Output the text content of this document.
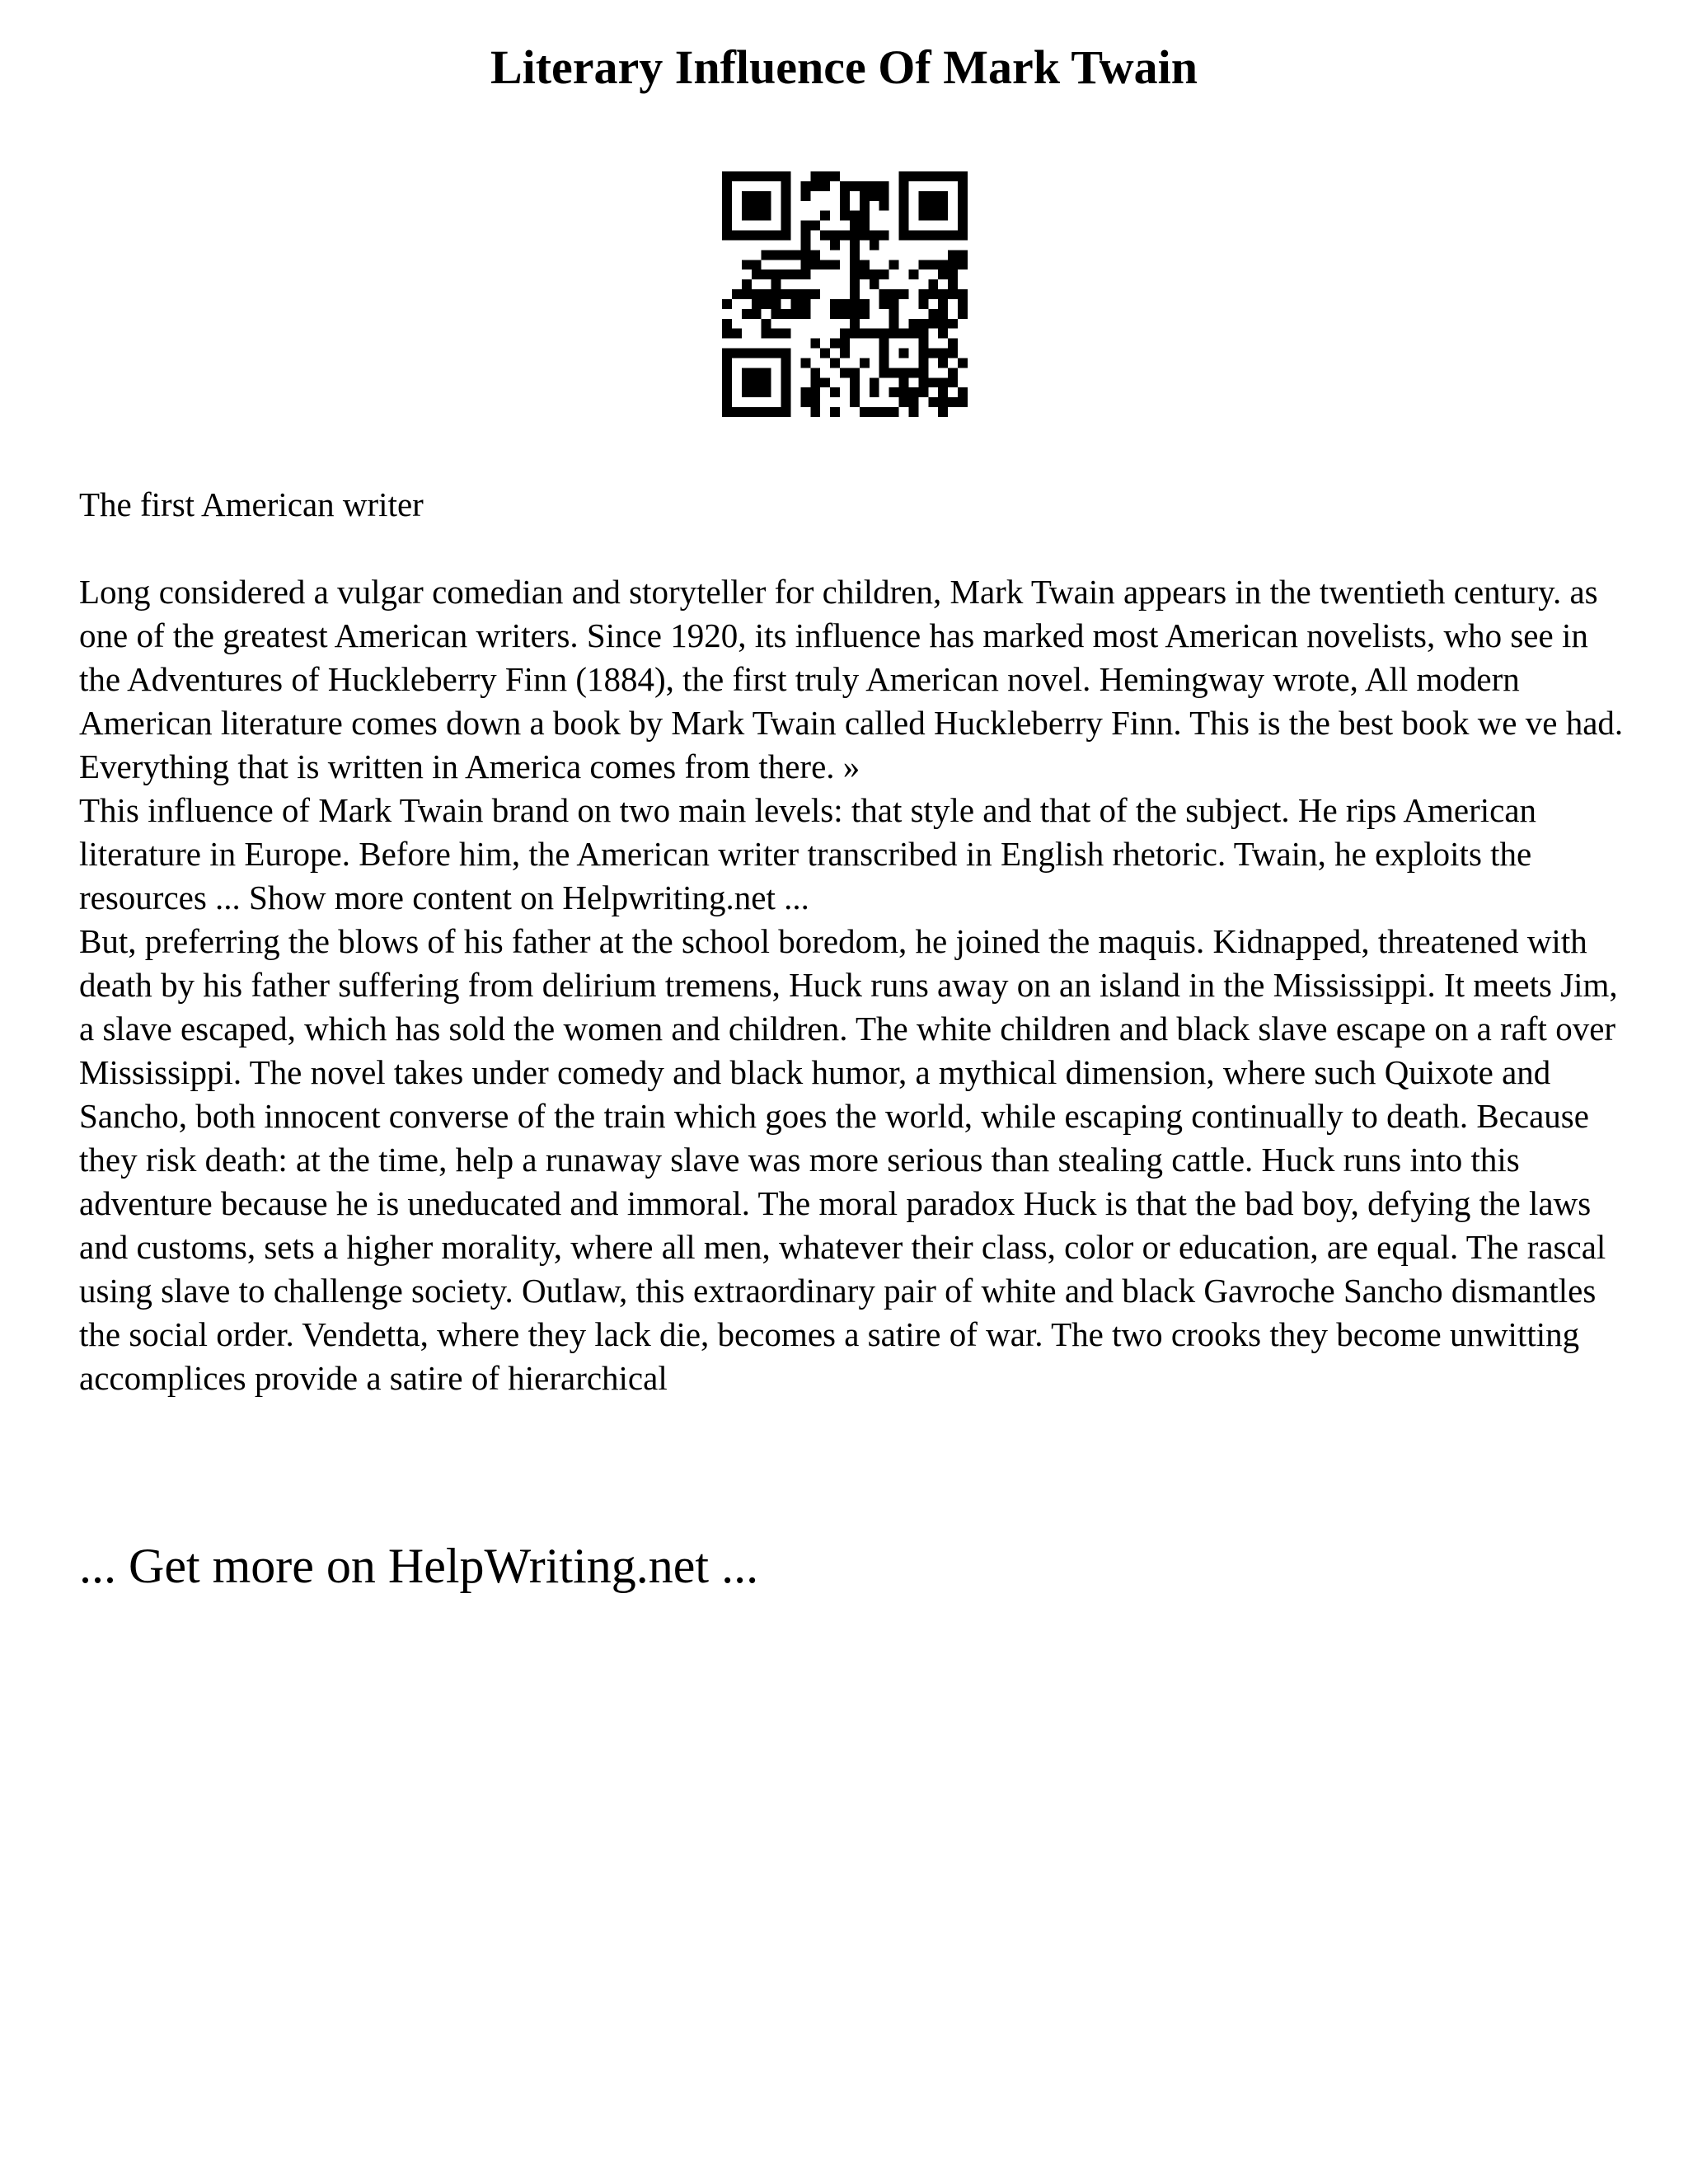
Literary Influence Of Mark Twain

The first American writer

Long considered a vulgar comedian and storyteller for children, Mark Twain appears in the twentieth century. as one of the greatest American writers. Since 1920, its influence has marked most American novelists, who see in the Adventures of Huckleberry Finn (1884), the first truly American novel. Hemingway wrote, All modern American literature comes down a book by Mark Twain called Huckleberry Finn. This is the best book we ve had. Everything that is written in America comes from there. »

This influence of Mark Twain brand on two main levels: that style and that of the subject. He rips American literature in Europe. Before him, the American writer transcribed in English rhetoric. Twain, he exploits the resources ... Show more content on Helpwriting.net ...

But, preferring the blows of his father at the school boredom, he joined the maquis. Kidnapped, threatened with death by his father suffering from delirium tremens, Huck runs away on an island in the Mississippi. It meets Jim, a slave escaped, which has sold the women and children. The white children and black slave escape on a raft over Mississippi. The novel takes under comedy and black humor, a mythical dimension, where such Quixote and Sancho, both innocent converse of the train which goes the world, while escaping continually to death. Because they risk death: at the time, help a runaway slave was more serious than stealing cattle. Huck runs into this adventure because he is uneducated and immoral. The moral paradox Huck is that the bad boy, defying the laws and customs, sets a higher morality, where all men, whatever their class, color or education, are equal. The rascal using slave to challenge society. Outlaw, this extraordinary pair of white and black Gavroche Sancho dismantles the social order. Vendetta, where they lack die, becomes a satire of war. The two crooks they become unwitting accomplices provide a satire of hierarchical

... Get more on HelpWriting.net ...
